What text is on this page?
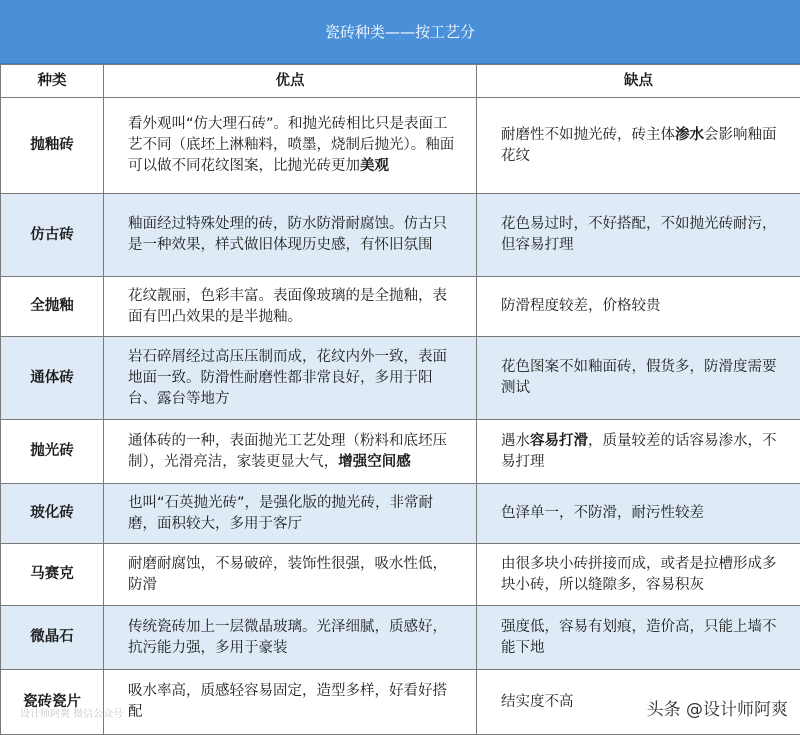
瓷砖种类——按工艺分
种类	优点	缺点
抛釉砖	看外观叫“仿大理石砖”。和抛光砖相比只是表面工艺不同（底坯上淋釉料，喷墨，烧制后抛光）。釉面可以做不同花纹图案，比抛光砖更加美观	耐磨性不如抛光砖，砖主体渗水会影响釉面花纹
仿古砖	釉面经过特殊处理的砖，防水防滑耐腐蚀。仿古只是一种效果，样式做旧体现历史感，有怀旧氛围	花色易过时，不好搭配，不如抛光砖耐污，但容易打理
全抛釉	花纹靓丽，色彩丰富。表面像玻璃的是全抛釉，表面有凹凸效果的是半抛釉。	防滑程度较差，价格较贵
通体砖	岩石碎屑经过高压压制而成，花纹内外一致，表面地面一致。防滑性耐磨性都非常良好，多用于阳台、露台等地方	花色图案不如釉面砖，假货多，防滑度需要测试
抛光砖	通体砖的一种，表面抛光工艺处理（粉料和底坯压制），光滑亮洁，家装更显大气，增强空间感	遇水容易打滑，质量较差的话容易渗水，不易打理
玻化砖	也叫“石英抛光砖”，是强化版的抛光砖，非常耐磨，面积较大，多用于客厅	色泽单一，不防滑，耐污性较差
马赛克	耐磨耐腐蚀，不易破碎，装饰性很强，吸水性低，防滑	由很多块小砖拼接而成，或者是拉槽形成多块小砖，所以缝隙多，容易积灰
微晶石	传统瓷砖加上一层微晶玻璃。光泽细腻，质感好，抗污能力强，多用于豪装	强度低，容易有划痕，造价高，只能上墙不能下地
瓷砖瓷片	吸水率高，质感轻容易固定，造型多样，好看好搭配	结实度不高
设计师阿爽 微信公众号	头条 @设计师阿爽
